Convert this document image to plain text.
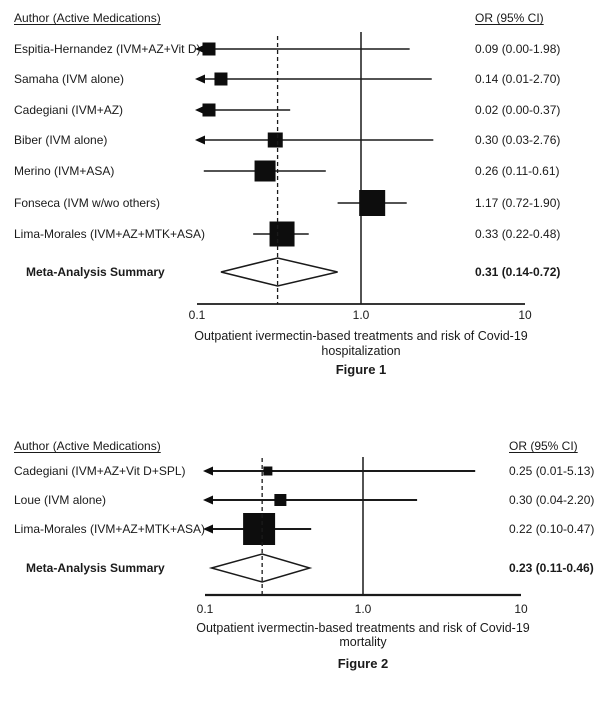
Author (Active Medications)	OR (95% CI)
0.1	1.0	10
Espitia-Hernandez (IVM+AZ+Vit D)	0.09 (0.00-1.98)
Samaha (IVM alone)	0.14 (0.01-2.70)
Cadegiani (IVM+AZ)	0.02 (0.00-0.37)
Biber (IVM alone)	0.30 (0.03-2.76)
Merino (IVM+ASA)	0.26 (0.11-0.61)
Fonseca (IVM w/wo others)	1.17 (0.72-1.90)
Lima-Morales (IVM+AZ+MTK+ASA)	0.33 (0.22-0.48)
Meta-Analysis Summary	0.31 (0.14-0.72)
Outpatient ivermectin-based treatments and risk of Covid-19
hospitalization
Figure 1
Author (Active Medications)	OR (95% CI)
0.1	1.0	10
Cadegiani (IVM+AZ+Vit D+SPL)	0.25 (0.01-5.13)
Loue (IVM alone)	0.30 (0.04-2.20)
Lima-Morales (IVM+AZ+MTK+ASA)	0.22 (0.10-0.47)
Meta-Analysis Summary	0.23 (0.11-0.46)
Outpatient ivermectin-based treatments and risk of Covid-19
mortality
Figure 2
